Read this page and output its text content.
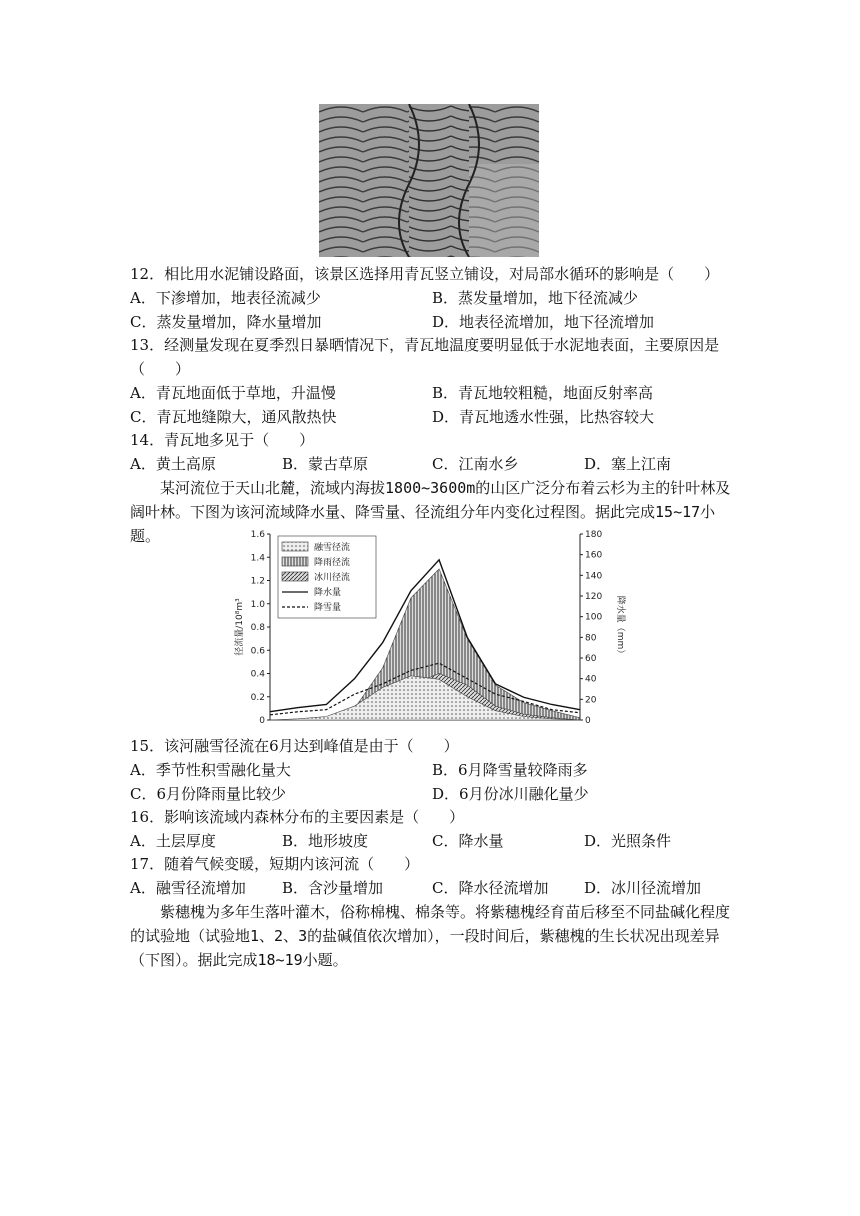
12．相比用水泥铺设路面，该景区选择用青瓦竖立铺设，对局部水循环的影响是（　　）
A．下渗增加，地表径流减少	B．蒸发量增加，地下径流减少
C．蒸发量增加，降水量增加	D．地表径流增加，地下径流增加
13．经测量发现在夏季烈日暴晒情况下，青瓦地温度要明显低于水泥地表面，主要原因是
（　　）
A．青瓦地面低于草地，升温慢	B．青瓦地较粗糙，地面反射率高
C．青瓦地缝隙大，通风散热快	D．青瓦地透水性强，比热容较大
14．青瓦地多见于（　　）
A．黄土高原	B．蒙古草原	C．江南水乡	D．塞上江南
某河流位于天山北麓，流域内海拔1800~3600m的山区广泛分布着云杉为主的针叶林及阔叶林。下图为该河流域降水量、降雪量、径流组分年内变化过程图。据此完成15~17小题。
0
0.2
0.4
0.6
0.8
1.0
1.2
1.4
1.6
0
20
40
60
80
100
120
140
160
180
径流量/10⁸m³	降水量（mm）
融雪径流
降雨径流
冰川径流
降水量
降雪量
15．该河融雪径流在6月达到峰值是由于（　　）
A．季节性积雪融化量大	B．6月降雪量较降雨多
C．6月份降雨量比较少	D．6月份冰川融化量少
16．影响该流域内森林分布的主要因素是（　　）
A．土层厚度	B．地形坡度	C．降水量	D．光照条件
17．随着气候变暖，短期内该河流（　　）
A．融雪径流增加 B．含沙量增加	C．降水径流增加 D．冰川径流增加
紫穗槐为多年生落叶灌木，俗称棉槐、棉条等。将紫穗槐经育苗后移至不同盐碱化程度的试验地（试验地1、2、3的盐碱值依次增加），一段时间后，紫穗槐的生长状况出现差异（下图）。据此完成18~19小题。
